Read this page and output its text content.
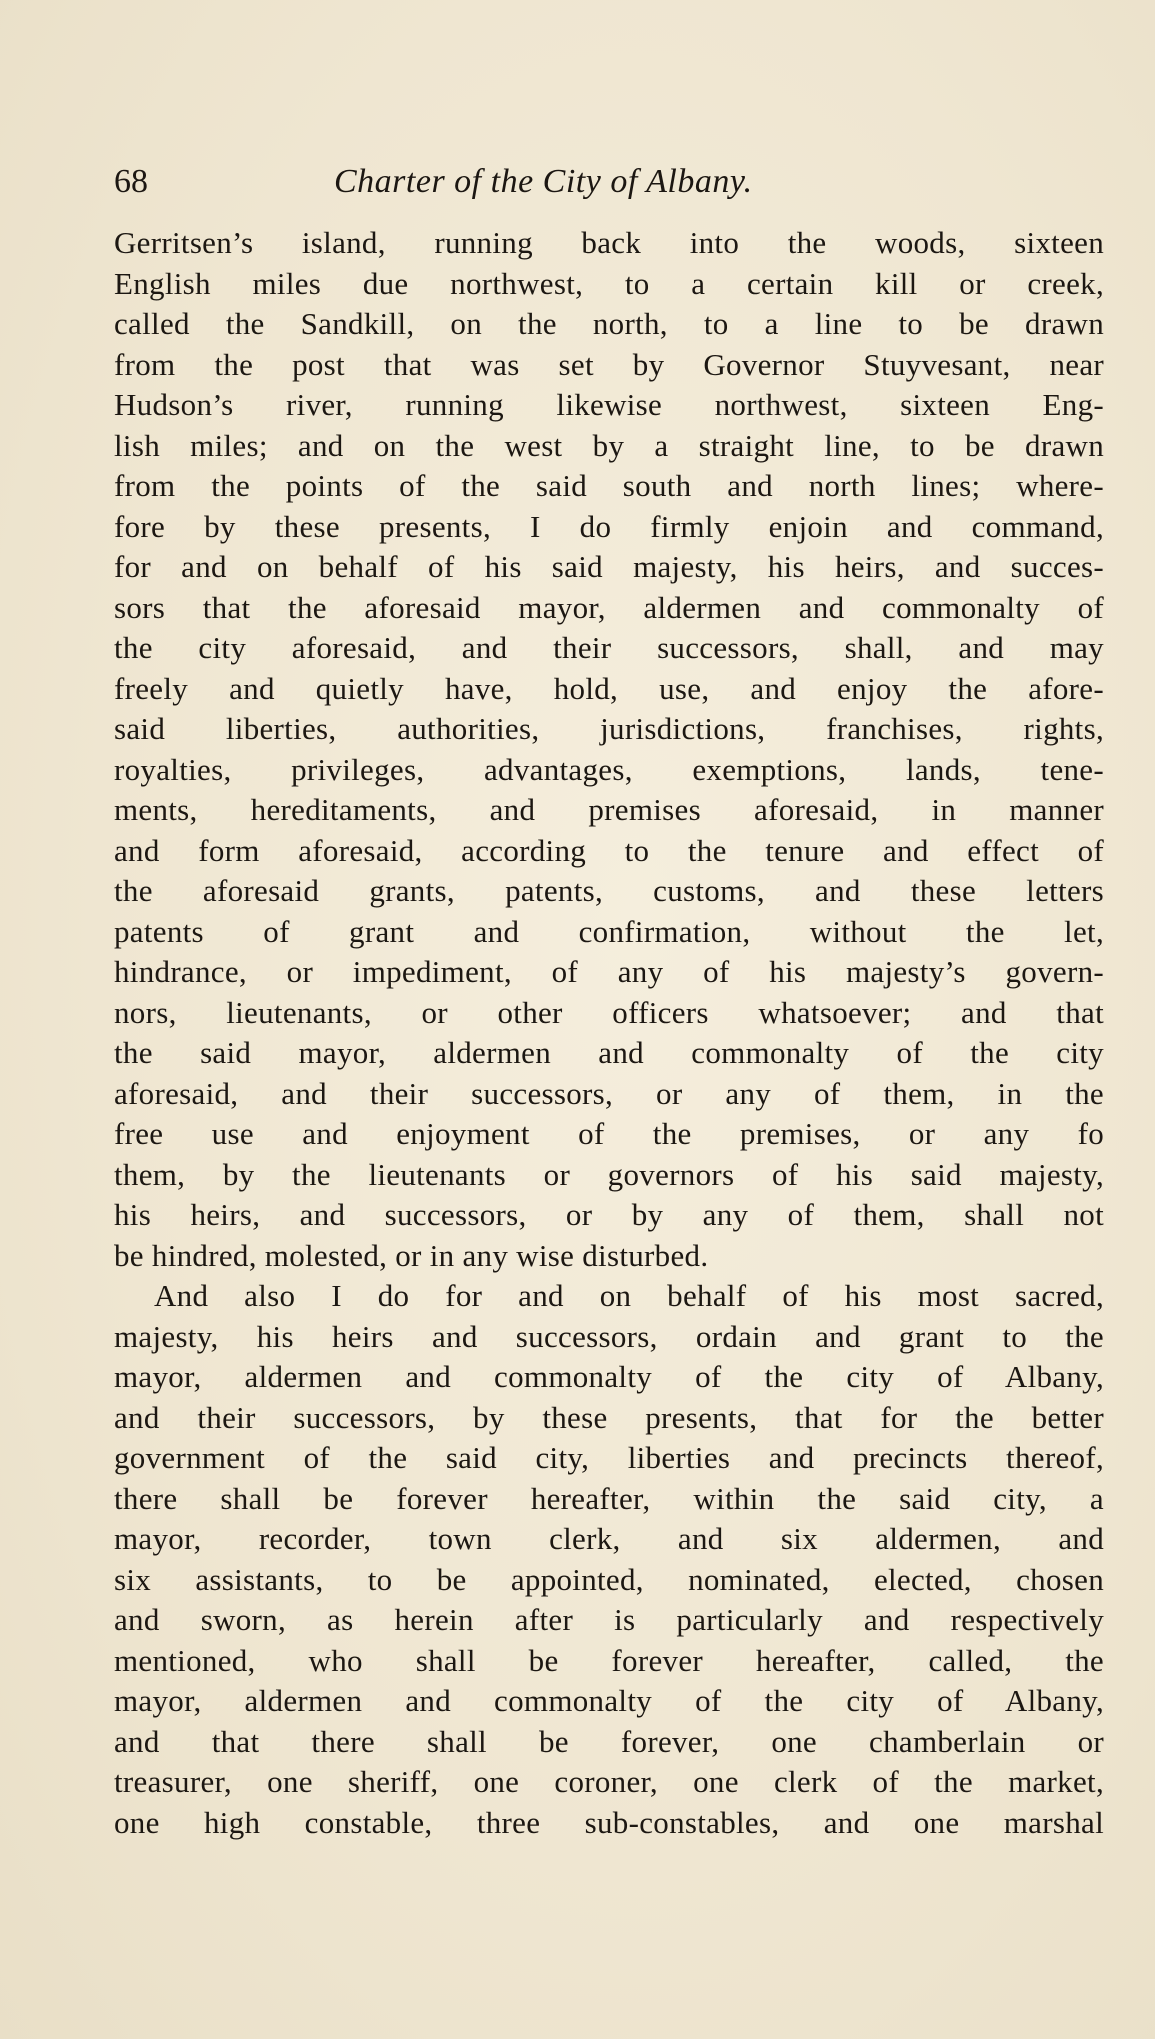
68	Charter of the City of Albany.
Gerritsen’s island, running back into the woods, sixteen
English miles due northwest, to a certain kill or creek,
called the Sandkill, on the north, to a line to be drawn
from the post that was set by Governor Stuyvesant, near
Hudson’s river, running likewise northwest, sixteen Eng-
lish miles; and on the west by a straight line, to be drawn
from the points of the said south and north lines; where-
fore by these presents, I do firmly enjoin and command,
for and on behalf of his said majesty, his heirs, and succes-
sors that the aforesaid mayor, aldermen and commonalty of
the city aforesaid, and their successors, shall, and may
freely and quietly have, hold, use, and enjoy the afore-
said liberties, authorities, jurisdictions, franchises, rights,
royalties, privileges, advantages, exemptions, lands, tene-
ments, hereditaments, and premises aforesaid, in manner
and form aforesaid, according to the tenure and effect of
the aforesaid grants, patents, customs, and these letters
patents of grant and confirmation, without the let,
hindrance, or impediment, of any of his majesty’s govern-
nors, lieutenants, or other officers whatsoever; and that
the said mayor, aldermen and commonalty of the city
aforesaid, and their successors, or any of them, in the
free use and enjoyment of the premises, or any fo
them, by the lieutenants or governors of his said majesty,
his heirs, and successors, or by any of them, shall not
be hindred, molested, or in any wise disturbed.
And also I do for and on behalf of his most sacred,
majesty, his heirs and successors, ordain and grant to the
mayor, aldermen and commonalty of the city of Albany,
and their successors, by these presents, that for the better
government of the said city, liberties and precincts thereof,
there shall be forever hereafter, within the said city, a
mayor, recorder, town clerk, and six aldermen, and
six assistants, to be appointed, nominated, elected, chosen
and sworn, as herein after is particularly and respectively
mentioned, who shall be forever hereafter, called, the
mayor, aldermen and commonalty of the city of Albany,
and that there shall be forever, one chamberlain or
treasurer, one sheriff, one coroner, one clerk of the market,
one high constable, three sub-constables, and one marshal
